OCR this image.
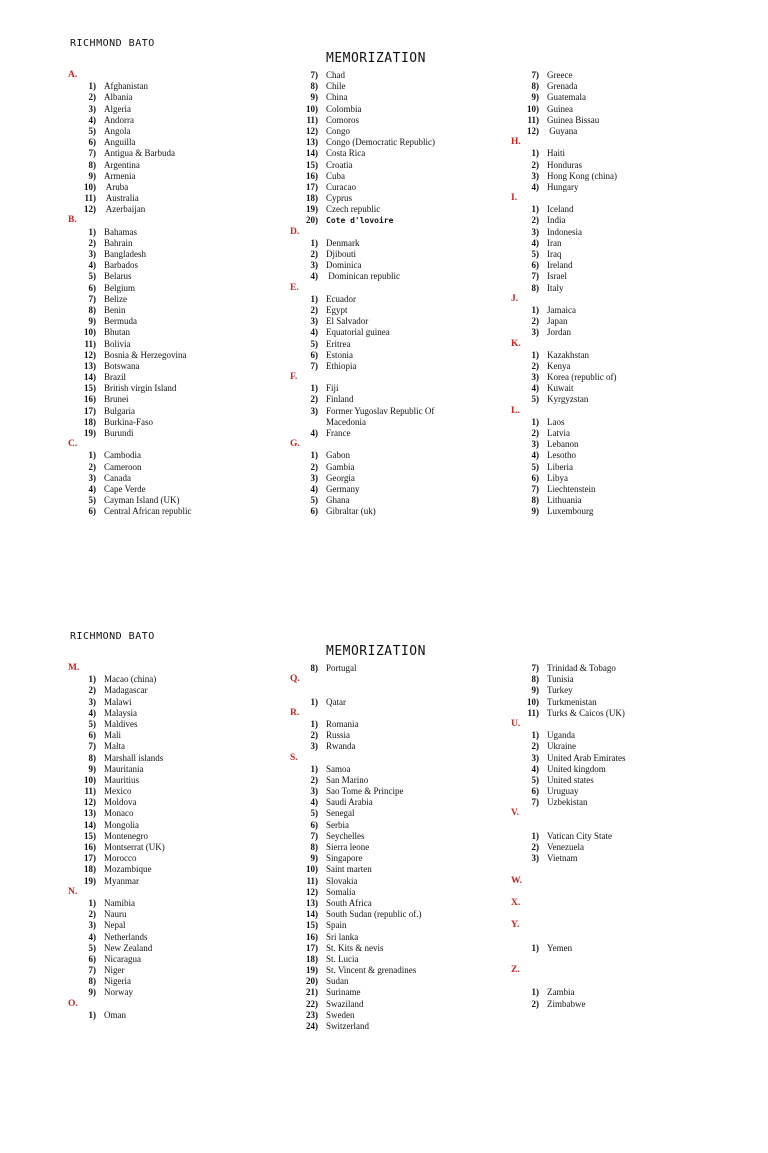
RICHMOND BATO
MEMORIZATION
A.
1) Afghanistan
2) Albania
3) Algeria
4) Andorra
5) Angola
6) Anguilla
7) Antigua & Barbuda
8) Argentina
9) Armenia
10) Aruba
11) Australia
12) Azerbaijan
B.
1) Bahamas
2) Bahrain
3) Bangladesh
4) Barbados
5) Belarus
6) Belgium
7) Belize
8) Benin
9) Bermuda
10) Bhutan
11) Bolivia
12) Bosnia & Herzegovina
13) Botswana
14) Brazil
15) British virgin Island
16) Brunei
17) Bulgaria
18) Burkina-Faso
19) Burundi
C.
1) Cambodia
2) Cameroon
3) Canada
4) Cape Verde
5) Cayman Island (UK)
6) Central African republic
7) Chad
8) Chile
9) China
10) Colombia
11) Comoros
12) Congo
13) Congo (Democratic Republic)
14) Costa Rica
15) Croatia
16) Cuba
17) Curacao
18) Cyprus
19) Czech republic
20) Cote d'lovoire
D.
1) Denmark
2) Djibouti
3) Dominica
4) Dominican republic
E.
1) Ecuador
2) Egypt
3) El Salvador
4) Equatorial guinea
5) Eritrea
6) Estonia
7) Ethiopia
F.
1) Fiji
2) Finland
3) Former Yugoslav Republic Of
Macedonia
4) France
G.
1) Gabon
2) Gambia
3) Georgia
4) Germany
5) Ghana
6) Gibraltar (uk)
7) Greece
8) Grenada
9) Guatemala
10) Guinea
11) Guinea Bissau
12) Guyana
H.
1) Haiti
2) Honduras
3) Hong Kong (china)
4) Hungary
I.
1) Iceland
2) India
3) Indonesia
4) Iran
5) Iraq
6) Ireland
7) Israel
8) Italy
J.
1) Jamaica
2) Japan
3) Jordan
K.
1) Kazakhstan
2) Kenya
3) Korea (republic of)
4) Kuwait
5) Kyrgyzstan
L.
1) Laos
2) Latvia
3) Lebanon
4) Lesotho
5) Liberia
6) Libya
7) Liechtenstein
8) Lithuania
9) Luxembourg
RICHMOND BATO
MEMORIZATION
M.
1) Macao (china)
2) Madagascar
3) Malawi
4) Malaysia
5) Maldives
6) Mali
7) Malta
8) Marshall islands
9) Mauritania
10) Mauritius
11) Mexico
12) Moldova
13) Monaco
14) Mongolia
15) Montenegro
16) Montserrat (UK)
17) Morocco
18) Mozambique
19) Myanmar
N.
1) Namibia
2) Nauru
3) Nepal
4) Netherlands
5) New Zealand
6) Nicaragua
7) Niger
8) Nigeria
9) Norway
O.
1) Oman
8) Portugal
Q.
1) Qatar
R.
1) Romania
2) Russia
3) Rwanda
S.
1) Samoa
2) San Marino
3) Sao Tome & Principe
4) Saudi Arabia
5) Senegal
6) Serbia
7) Seychelles
8) Sierra leone
9) Singapore
10) Saint marten
11) Slovakia
12) Somalia
13) South Africa
14) South Sudan (republic of.)
15) Spain
16) Sri lanka
17) St. Kits & nevis
18) St. Lucia
19) St. Vincent & grenadines
20) Sudan
21) Suriname
22) Swaziland
23) Sweden
24) Switzerland
7) Trinidad & Tobago
8) Tunisia
9) Turkey
10) Turkmenistan
11) Turks & Caicos (UK)
U.
1) Uganda
2) Ukraine
3) United Arab Emirates
4) United kingdom
5) United states
6) Uruguay
7) Uzbekistan
V.
1) Vatican City State
2) Venezuela
3) Vietnam
W.
X.
Y.
1) Yemen
Z.
1) Zambia
2) Zimbabwe
